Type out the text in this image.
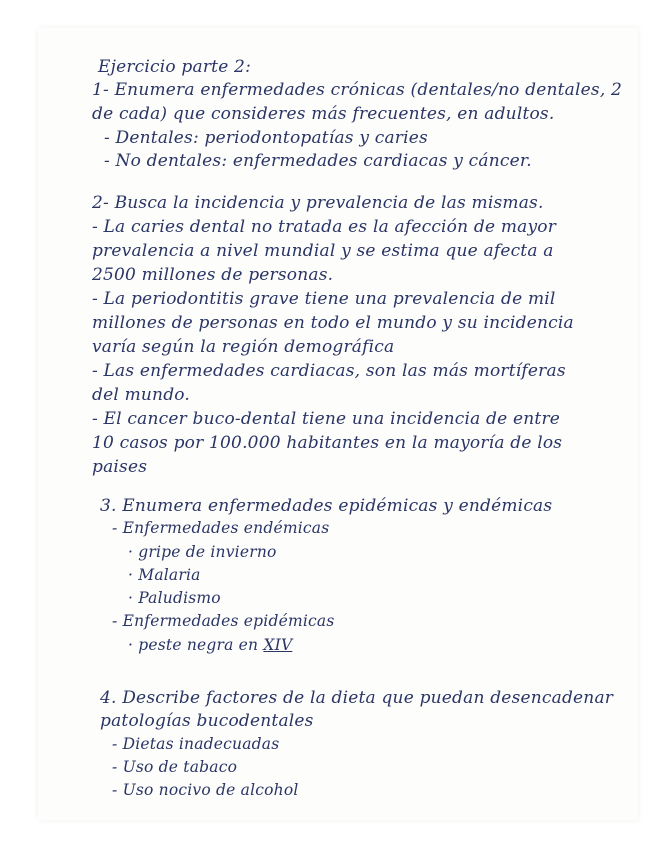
Ejercicio parte 2:
1- Enumera enfermedades crónicas (dentales/no dentales, 2
de cada) que consideres más frecuentes, en adultos.
- Dentales: periodontopatías y caries
- No dentales: enfermedades cardiacas y cáncer.
2- Busca la incidencia y prevalencia de las mismas.
- La caries dental no tratada es la afección de mayor
prevalencia a nivel mundial y se estima que afecta a
2500 millones de personas.
- La periodontitis grave tiene una prevalencia de mil
millones de personas en todo el mundo y su incidencia
varía según la región demográfica
- Las enfermedades cardiacas, son las más mortíferas
del mundo.
- El cancer buco-dental tiene una incidencia de entre
10 casos por 100.000 habitantes en la mayoría de los
paises
3. Enumera enfermedades epidémicas y endémicas
- Enfermedades endémicas
· gripe de invierno
· Malaria
· Paludismo
- Enfermedades epidémicas
· peste negra en XIV
4. Describe factores de la dieta que puedan desencadenar
patologías bucodentales
- Dietas inadecuadas
- Uso de tabaco
- Uso nocivo de alcohol
